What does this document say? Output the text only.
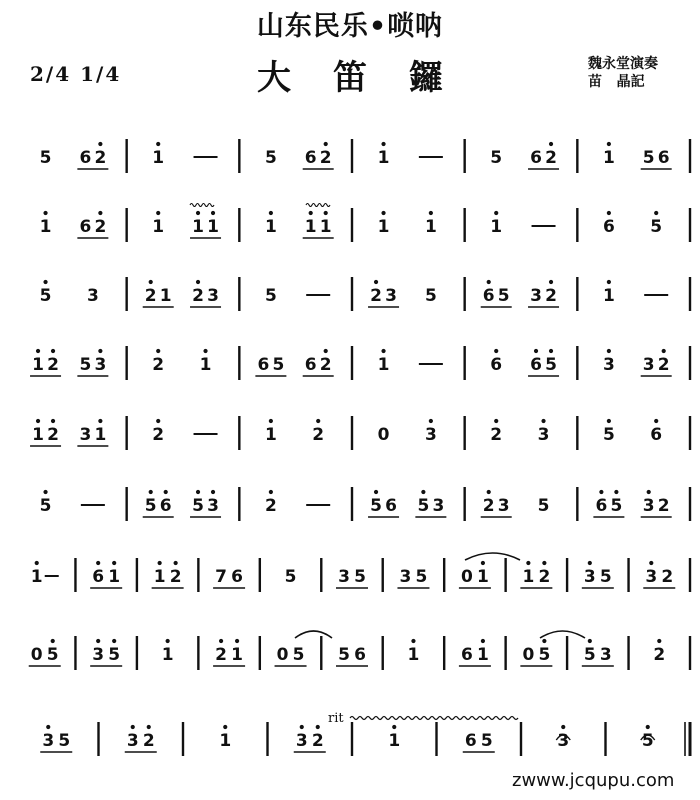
山东民乐•唢呐
2/4 1/4	大笛鑼	魏永堂演奏
苗   晶記
5 6 2	1	5 6 2	1	5 6 2	1 5 6
1 6 2	1 1 1	1 1 1	1 1	1	6 5
5 3	2 1 2 3	5	2 3 5	6 5 3 2	1
1 2 5 3	2 1	6 5 6 2	1	6 6 5	3 3 2
1 2 3 1	2	1 2	0 3	2 3	5 6
5	5 6 5 3	2	5 6 5 3 2 3 5	6 5 3 2
1	6 1 1 2 7 6 5 3 5 3 5 0 1 1 2 3 5 3 2
0 5 3 5 1 2 1 0 5 5 6 1 6 1 0 5 5 3 2
3 5	3 2	1	3 2	1	6 5	3	5
rit
zwww.jcqupu.com
